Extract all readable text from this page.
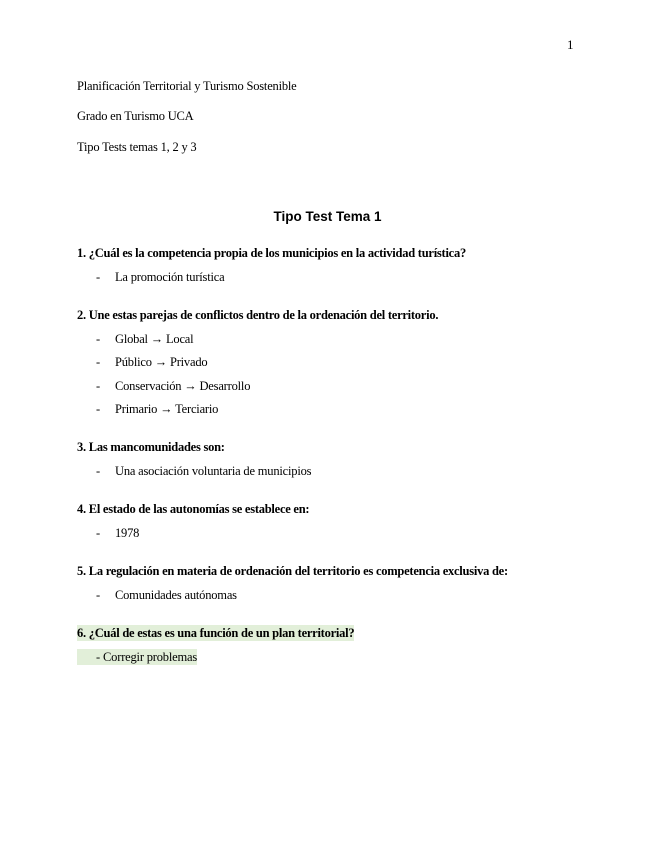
1
Planificación Territorial y Turismo Sostenible
Grado en Turismo UCA
Tipo Tests temas 1, 2 y 3
Tipo Test Tema 1
1. ¿Cuál es la competencia propia de los municipios en la actividad turística?
-	La promoción turística
2. Une estas parejas de conflictos dentro de la ordenación del territorio.
-	Global → Local
-	Público → Privado
-	Conservación → Desarrollo
-	Primario → Terciario
3. Las mancomunidades son:
-	Una asociación voluntaria de municipios
4. El estado de las autonomías se establece en:
-	1978
5. La regulación en materia de ordenación del territorio es competencia exclusiva de:
-	Comunidades autónomas
6. ¿Cuál de estas es una función de un plan territorial?
- Corregir problemas
